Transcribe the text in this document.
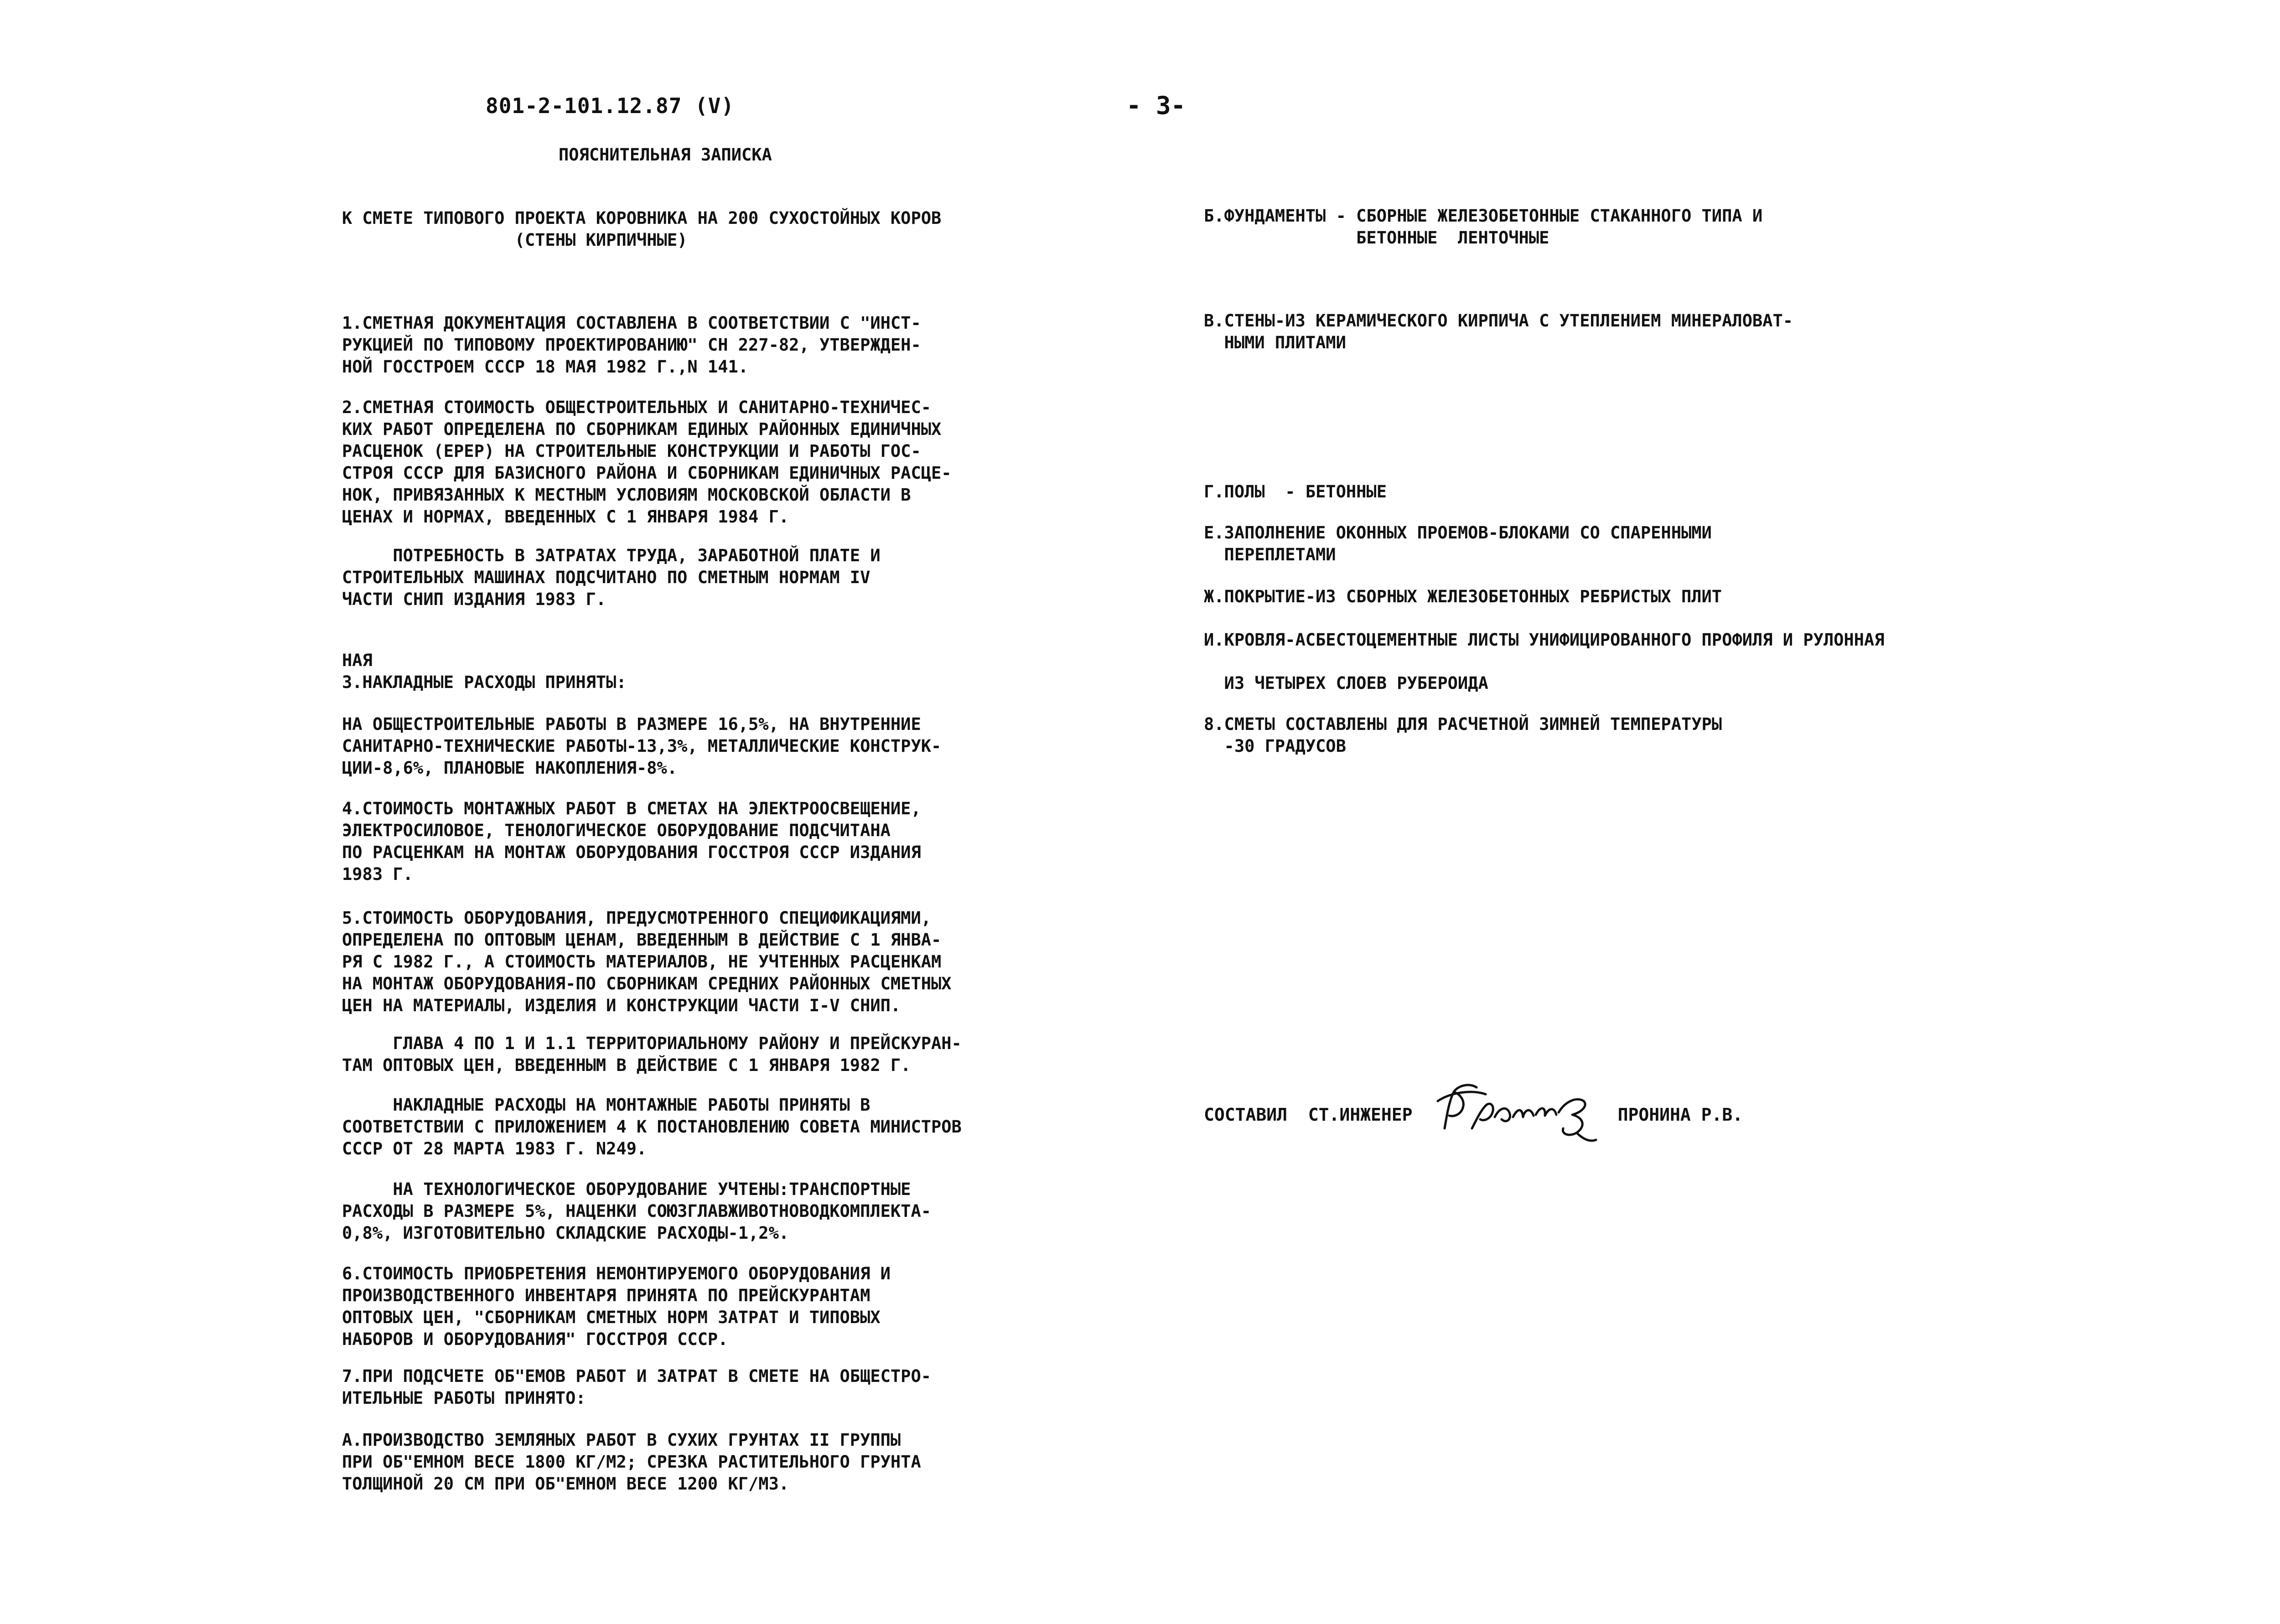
801-2-101.12.87 (V)	- 3-
ПОЯСНИТЕЛЬНАЯ ЗАПИСКА
К СМЕТЕ ТИПОВОГО ПРОЕКТА КОРОВНИКА НА 200 СУХОСТОЙНЫХ КОРОВ
(СТЕНЫ КИРПИЧНЫЕ)
1.СМЕТНАЯ ДОКУМЕНТАЦИЯ СОСТАВЛЕНА В СООТВЕТСТВИИ С "ИНСТ-
РУКЦИЕЙ ПО ТИПОВОМУ ПРОЕКТИРОВАНИЮ" СН 227-82, УТВЕРЖДЕН-
НОЙ ГОССТРОЕМ СССР 18 МАЯ 1982 Г.,N 141.
2.СМЕТНАЯ СТОИМОСТЬ ОБЩЕСТРОИТЕЛЬНЫХ И САНИТАРНО-ТЕХНИЧЕС-
КИХ РАБОТ ОПРЕДЕЛЕНА ПО СБОРНИКАМ ЕДИНЫХ РАЙОННЫХ ЕДИНИЧНЫХ
РАСЦЕНОК (ЕРЕР) НА СТРОИТЕЛЬНЫЕ КОНСТРУКЦИИ И РАБОТЫ ГОС-
СТРОЯ СССР ДЛЯ БАЗИСНОГО РАЙОНА И СБОРНИКАМ ЕДИНИЧНЫХ РАСЦЕ-
НОК, ПРИВЯЗАННЫХ К МЕСТНЫМ УСЛОВИЯМ МОСКОВСКОЙ ОБЛАСТИ В
ЦЕНАХ И НОРМАХ, ВВЕДЕННЫХ С 1 ЯНВАРЯ 1984 Г.
ПОТРЕБНОСТЬ В ЗАТРАТАХ ТРУДА, ЗАРАБОТНОЙ ПЛАТЕ И
СТРОИТЕЛЬНЫХ МАШИНАХ ПОДСЧИТАНО ПО СМЕТНЫМ НОРМАМ IV
ЧАСТИ СНИП ИЗДАНИЯ 1983 Г.
НАЯ
3.НАКЛАДНЫЕ РАСХОДЫ ПРИНЯТЫ:
НА ОБЩЕСТРОИТЕЛЬНЫЕ РАБОТЫ В РАЗМЕРЕ 16,5%, НА ВНУТРЕННИЕ
САНИТАРНО-ТЕХНИЧЕСКИЕ РАБОТЫ-13,3%, МЕТАЛЛИЧЕСКИЕ КОНСТРУК-
ЦИИ-8,6%, ПЛАНОВЫЕ НАКОПЛЕНИЯ-8%.
4.СТОИМОСТЬ МОНТАЖНЫХ РАБОТ В СМЕТАХ НА ЭЛЕКТРООСВЕЩЕНИЕ,
ЭЛЕКТРОСИЛОВОЕ, ТЕНОЛОГИЧЕСКОЕ ОБОРУДОВАНИЕ ПОДСЧИТАНА
ПО РАСЦЕНКАМ НА МОНТАЖ ОБОРУДОВАНИЯ ГОССТРОЯ СССР ИЗДАНИЯ
1983 Г.
5.СТОИМОСТЬ ОБОРУДОВАНИЯ, ПРЕДУСМОТРЕННОГО СПЕЦИФИКАЦИЯМИ,
ОПРЕДЕЛЕНА ПО ОПТОВЫМ ЦЕНАМ, ВВЕДЕННЫМ В ДЕЙСТВИЕ С 1 ЯНВА-
РЯ С 1982 Г., А СТОИМОСТЬ МАТЕРИАЛОВ, НЕ УЧТЕННЫХ РАСЦЕНКАМ
НА МОНТАЖ ОБОРУДОВАНИЯ-ПО СБОРНИКАМ СРЕДНИХ РАЙОННЫХ СМЕТНЫХ
ЦЕН НА МАТЕРИАЛЫ, ИЗДЕЛИЯ И КОНСТРУКЦИИ ЧАСТИ I-V СНИП.
ГЛАВА 4 ПО 1 И 1.1 ТЕРРИТОРИАЛЬНОМУ РАЙОНУ И ПРЕЙСКУРАН-
ТАМ ОПТОВЫХ ЦЕН, ВВЕДЕННЫМ В ДЕЙСТВИЕ С 1 ЯНВАРЯ 1982 Г.
НАКЛАДНЫЕ РАСХОДЫ НА МОНТАЖНЫЕ РАБОТЫ ПРИНЯТЫ В
СООТВЕТСТВИИ С ПРИЛОЖЕНИЕМ 4 К ПОСТАНОВЛЕНИЮ СОВЕТА МИНИСТРОВ
СССР ОТ 28 МАРТА 1983 Г. N249.
НА ТЕХНОЛОГИЧЕСКОЕ ОБОРУДОВАНИЕ УЧТЕНЫ:ТРАНСПОРТНЫЕ
РАСХОДЫ В РАЗМЕРЕ 5%, НАЦЕНКИ СОЮЗГЛАВЖИВОТНОВОДКОМПЛЕКТА-
0,8%, ИЗГОТОВИТЕЛЬНО СКЛАДСКИЕ РАСХОДЫ-1,2%.
6.СТОИМОСТЬ ПРИОБРЕТЕНИЯ НЕМОНТИРУЕМОГО ОБОРУДОВАНИЯ И
ПРОИЗВОДСТВЕННОГО ИНВЕНТАРЯ ПРИНЯТА ПО ПРЕЙСКУРАНТАМ
ОПТОВЫХ ЦЕН, "СБОРНИКАМ СМЕТНЫХ НОРМ ЗАТРАТ И ТИПОВЫХ
НАБОРОВ И ОБОРУДОВАНИЯ" ГОССТРОЯ СССР.
7.ПРИ ПОДСЧЕТЕ ОБ"ЕМОВ РАБОТ И ЗАТРАТ В СМЕТЕ НА ОБЩЕСТРО-
ИТЕЛЬНЫЕ РАБОТЫ ПРИНЯТО:
А.ПРОИЗВОДСТВО ЗЕМЛЯНЫХ РАБОТ В СУХИХ ГРУНТАХ II ГРУППЫ
ПРИ ОБ"ЕМНОМ ВЕСЕ 1800 КГ/М2; СРЕЗКА РАСТИТЕЛЬНОГО ГРУНТА
ТОЛЩИНОЙ 20 СМ ПРИ ОБ"ЕМНОМ ВЕСЕ 1200 КГ/М3.
Б.ФУНДАМЕНТЫ - СБОРНЫЕ ЖЕЛЕЗОБЕТОННЫЕ СТАКАННОГО ТИПА И
БЕТОННЫЕ  ЛЕНТОЧНЫЕ
В.СТЕНЫ-ИЗ КЕРАМИЧЕСКОГО КИРПИЧА С УТЕПЛЕНИЕМ МИНЕРАЛОВАТ-
НЫМИ ПЛИТАМИ
Г.ПОЛЫ  - БЕТОННЫЕ
Е.ЗАПОЛНЕНИЕ ОКОННЫХ ПРОЕМОВ-БЛОКАМИ СО СПАРЕННЫМИ
ПЕРЕПЛЕТАМИ
Ж.ПОКРЫТИЕ-ИЗ СБОРНЫХ ЖЕЛЕЗОБЕТОННЫХ РЕБРИСТЫХ ПЛИТ
И.КРОВЛЯ-АСБЕСТОЦЕМЕНТНЫЕ ЛИСТЫ УНИФИЦИРОВАННОГО ПРОФИЛЯ И РУЛОННАЯ
ИЗ ЧЕТЫРЕХ СЛОЕВ РУБЕРОИДА
8.СМЕТЫ СОСТАВЛЕНЫ ДЛЯ РАСЧЕТНОЙ ЗИМНЕЙ ТЕМПЕРАТУРЫ
-30 ГРАДУСОВ
СОСТАВИЛ  СТ.ИНЖЕНЕР	ПРОНИНА Р.В.
